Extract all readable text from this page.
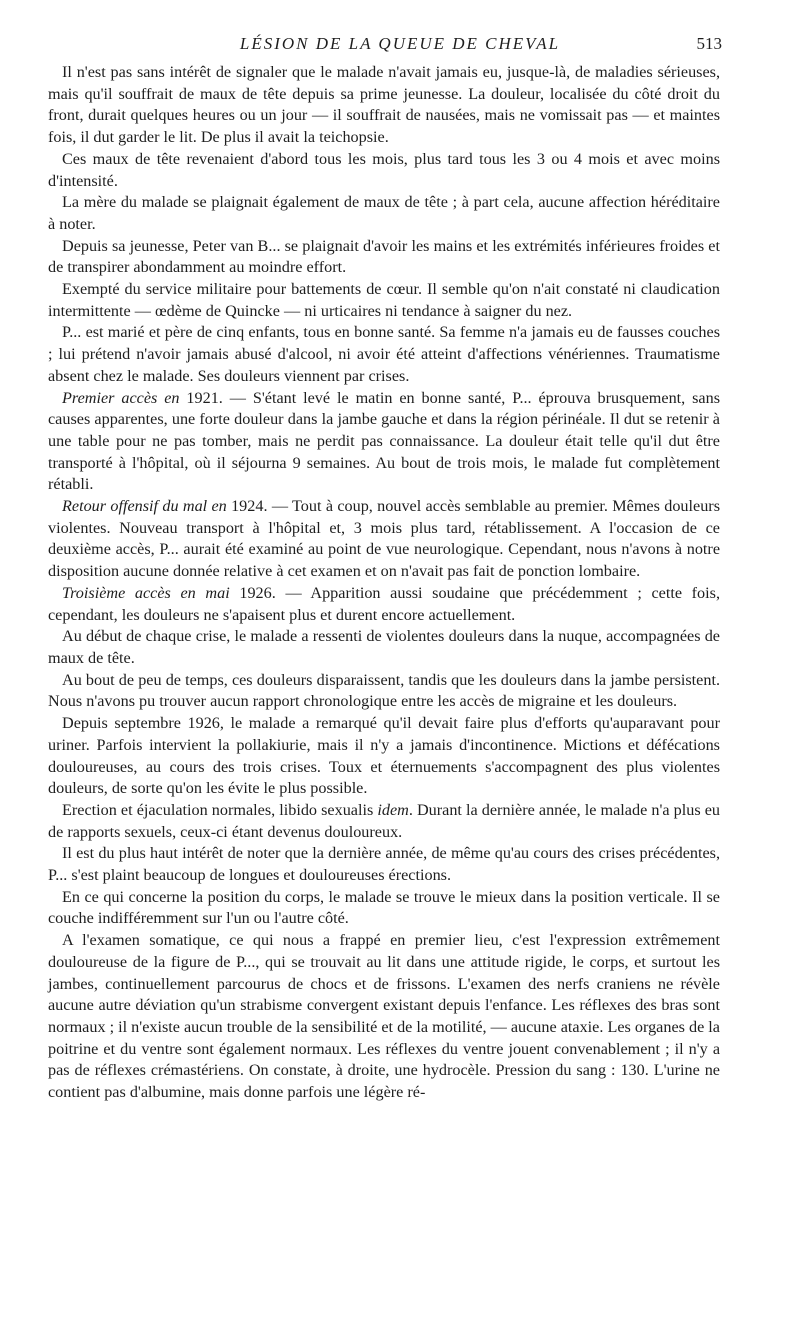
LÉSION DE LA QUEUE DE CHEVAL	513

Il n'est pas sans intérêt de signaler que le malade n'avait jamais eu, jusque-là, de maladies sérieuses, mais qu'il souffrait de maux de tête depuis sa prime jeunesse. La douleur, localisée du côté droit du front, durait quelques heures ou un jour — il souffrait de nausées, mais ne vomissait pas — et maintes fois, il dut garder le lit. De plus il avait la teichopsie.

Ces maux de tête revenaient d'abord tous les mois, plus tard tous les 3 ou 4 mois et avec moins d'intensité.

La mère du malade se plaignait également de maux de tête ; à part cela, aucune affection héréditaire à noter.

Depuis sa jeunesse, Peter van B... se plaignait d'avoir les mains et les extrémités inférieures froides et de transpirer abondamment au moindre effort.

Exempté du service militaire pour battements de cœur. Il semble qu'on n'ait constaté ni claudication intermittente — œdème de Quincke — ni urticaires ni tendance à saigner du nez.

P... est marié et père de cinq enfants, tous en bonne santé. Sa femme n'a jamais eu de fausses couches ; lui prétend n'avoir jamais abusé d'alcool, ni avoir été atteint d'affections vénériennes. Traumatisme absent chez le malade. Ses douleurs viennent par crises.

Premier accès en 1921. — S'étant levé le matin en bonne santé, P... éprouva brusquement, sans causes apparentes, une forte douleur dans la jambe gauche et dans la région périnéale. Il dut se retenir à une table pour ne pas tomber, mais ne perdit pas connaissance. La douleur était telle qu'il dut être transporté à l'hôpital, où il séjourna 9 semaines. Au bout de trois mois, le malade fut complètement rétabli.

Retour offensif du mal en 1924. — Tout à coup, nouvel accès semblable au premier. Mêmes douleurs violentes. Nouveau transport à l'hôpital et, 3 mois plus tard, rétablissement. A l'occasion de ce deuxième accès, P... aurait été examiné au point de vue neurologique. Cependant, nous n'avons à notre disposition aucune donnée relative à cet examen et on n'avait pas fait de ponction lombaire.

Troisième accès en mai 1926. — Apparition aussi soudaine que précédemment ; cette fois, cependant, les douleurs ne s'apaisent plus et durent encore actuellement.

Au début de chaque crise, le malade a ressenti de violentes douleurs dans la nuque, accompagnées de maux de tête.

Au bout de peu de temps, ces douleurs disparaissent, tandis que les douleurs dans la jambe persistent. Nous n'avons pu trouver aucun rapport chronologique entre les accès de migraine et les douleurs.

Depuis septembre 1926, le malade a remarqué qu'il devait faire plus d'efforts qu'auparavant pour uriner. Parfois intervient la pollakiurie, mais il n'y a jamais d'incontinence. Mictions et défécations douloureuses, au cours des trois crises. Toux et éternuements s'accompagnent des plus violentes douleurs, de sorte qu'on les évite le plus possible.

Erection et éjaculation normales, libido sexualis idem. Durant la dernière année, le malade n'a plus eu de rapports sexuels, ceux-ci étant devenus douloureux.

Il est du plus haut intérêt de noter que la dernière année, de même qu'au cours des crises précédentes, P... s'est plaint beaucoup de longues et douloureuses érections.

En ce qui concerne la position du corps, le malade se trouve le mieux dans la position verticale. Il se couche indifféremment sur l'un ou l'autre côté.

A l'examen somatique, ce qui nous a frappé en premier lieu, c'est l'expression extrêmement douloureuse de la figure de P..., qui se trouvait au lit dans une attitude rigide, le corps, et surtout les jambes, continuellement parcourus de chocs et de frissons. L'examen des nerfs craniens ne révèle aucune autre déviation qu'un strabisme convergent existant depuis l'enfance. Les réflexes des bras sont normaux ; il n'existe aucun trouble de la sensibilité et de la motilité, — aucune ataxie. Les organes de la poitrine et du ventre sont également normaux. Les réflexes du ventre jouent convenablement ; il n'y a pas de réflexes crémastériens. On constate, à droite, une hydrocèle. Pression du sang : 130. L'urine ne contient pas d'albumine, mais donne parfois une légère ré-
